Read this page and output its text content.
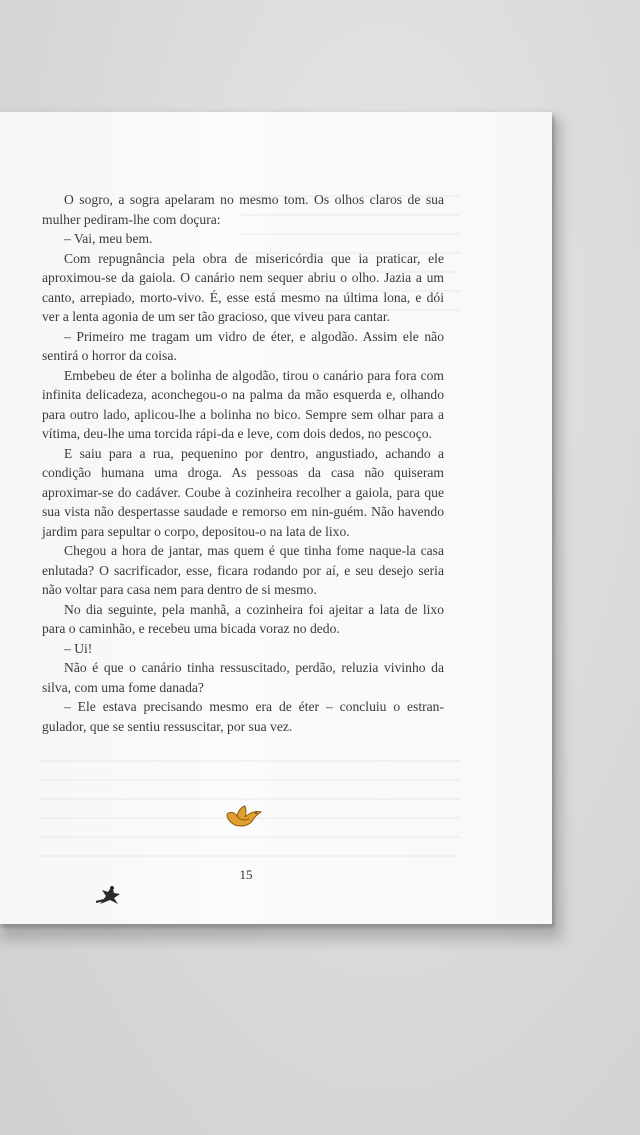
O sogro, a sogra apelaram no mesmo tom. Os olhos claros de sua mulher pediram-lhe com doçura:

– Vai, meu bem.

Com repugnância pela obra de misericórdia que ia praticar, ele aproximou-se da gaiola. O canário nem sequer abriu o olho. Jazia a um canto, arrepiado, morto-vivo. É, esse está mesmo na última lona, e dói ver a lenta agonia de um ser tão gracioso, que viveu para cantar.

– Primeiro me tragam um vidro de éter, e algodão. Assim ele não sentirá o horror da coisa.

Embebeu de éter a bolinha de algodão, tirou o canário para fora com infinita delicadeza, aconchegou-o na palma da mão esquerda e, olhando para outro lado, aplicou-lhe a bolinha no bico. Sempre sem olhar para a vítima, deu-lhe uma torcida rápi-da e leve, com dois dedos, no pescoço.

E saiu para a rua, pequenino por dentro, angustiado, achando a condição humana uma droga. As pessoas da casa não quiseram aproximar-se do cadáver. Coube à cozinheira recolher a gaiola, para que sua vista não despertasse saudade e remorso em nin-guém. Não havendo jardim para sepultar o corpo, depositou-o na lata de lixo.

Chegou a hora de jantar, mas quem é que tinha fome naque-la casa enlutada? O sacrificador, esse, ficara rodando por aí, e seu desejo seria não voltar para casa nem para dentro de si mesmo.

No dia seguinte, pela manhã, a cozinheira foi ajeitar a lata de lixo para o caminhão, e recebeu uma bicada voraz no dedo.

– Ui!

Não é que o canário tinha ressuscitado, perdão, reluzia vivinho da silva, com uma fome danada?

– Ele estava precisando mesmo era de éter – concluiu o estran-gulador, que se sentiu ressuscitar, por sua vez.

15
